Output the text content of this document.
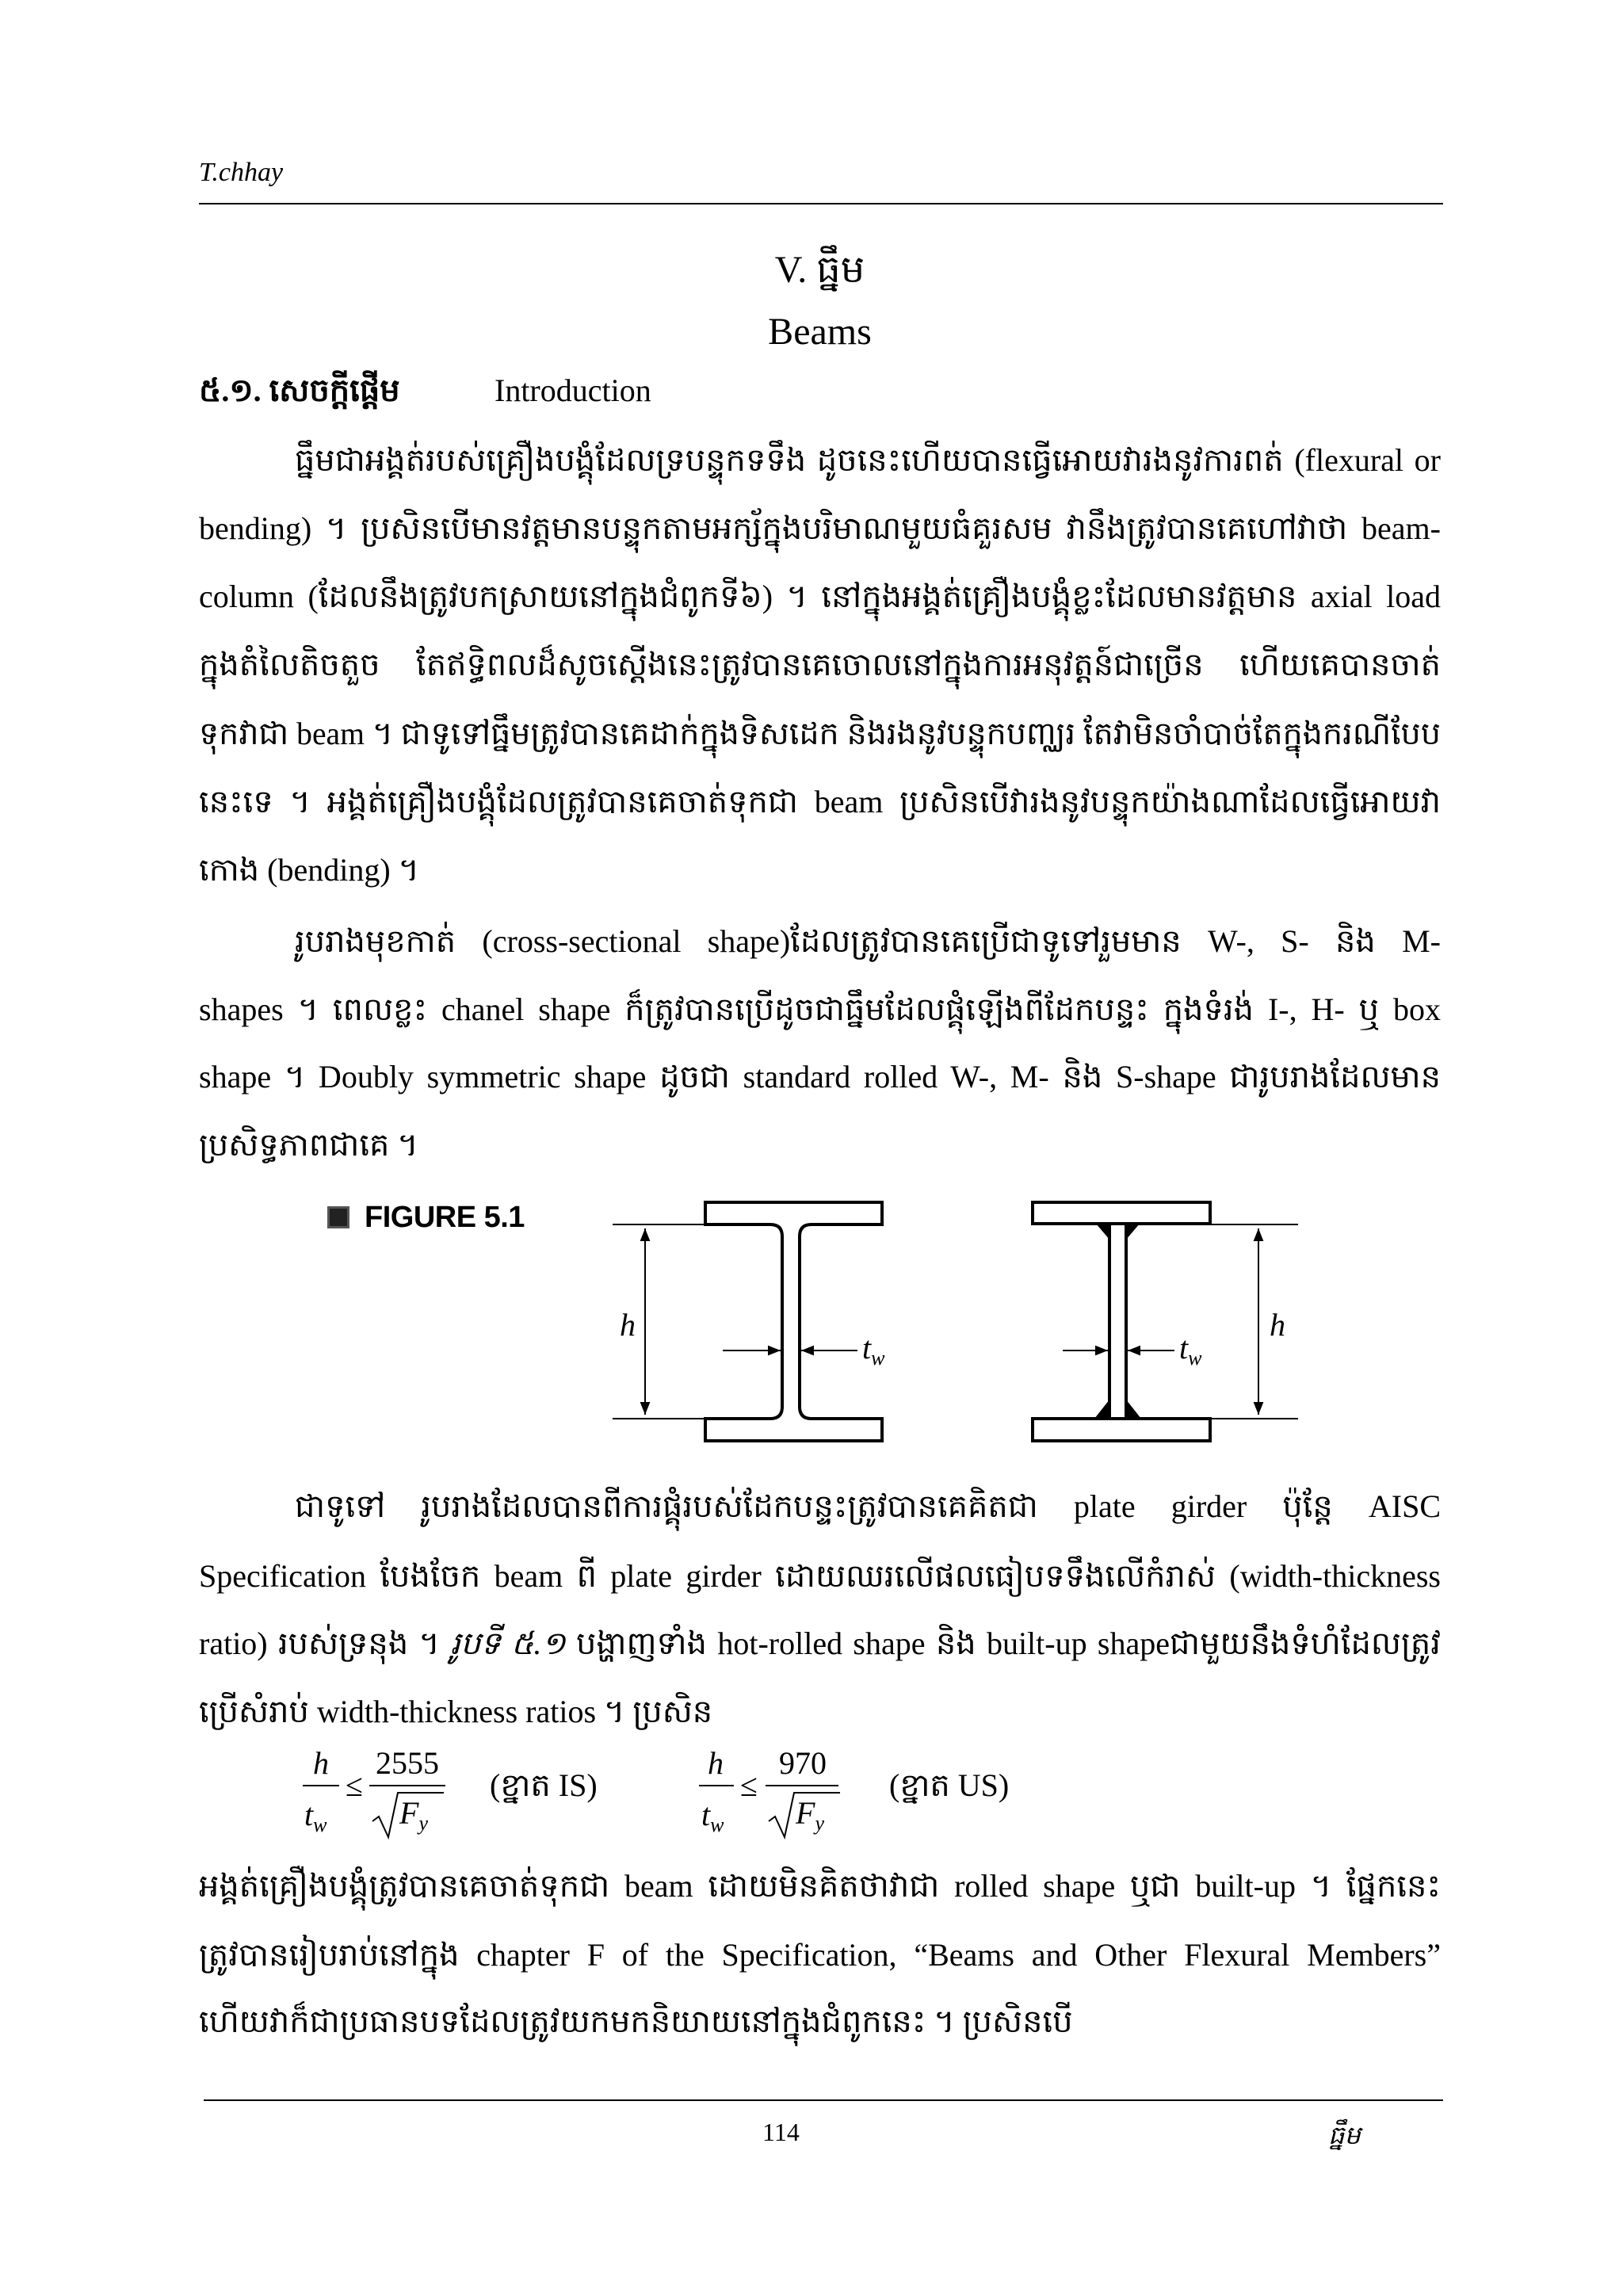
T.chhay
V. ធ្នឹម
Beams
៥.១. សេចក្តីផ្តើម	Introduction
ធ្នឹមជាអង្គត់របស់គ្រឿងបង្គុំដែលទ្របន្ទុកទទឹង ដូចនេះហើយបានធ្វើអោយវារងនូវការពត់ (flexural or
bending) ។ ប្រសិនបើមានវត្តមានបន្ទុកតាមអក្ស័ក្នុងបរិមាណមួយធំគួរសម វានឹងត្រូវបានគេហៅវាថា beam-
column (ដែលនឹងត្រូវបកស្រាយនៅក្នុងជំពូកទី៦) ។ នៅក្នុងអង្គត់គ្រឿងបង្គុំខ្លះដែលមានវត្តមាន axial load
ក្នុងតំលៃតិចតួច តែឥទ្ធិពលដ៏សូចស្តើងនេះត្រូវបានគេចោលនៅក្នុងការអនុវត្តន៍ជាច្រើន ហើយគេបានចាត់
ទុកវាជា beam ។ ជាទូទៅធ្នឹមត្រូវបានគេដាក់ក្នុងទិសដេក និងរងនូវបន្ទុកបញ្ឈរ តែវាមិនចាំបាច់តែក្នុងករណីបែប
នេះទេ ។ អង្គត់គ្រឿងបង្គុំដែលត្រូវបានគេចាត់ទុកជា beam ប្រសិនបើវារងនូវបន្ទុកយ៉ាងណាដែលធ្វើអោយវា
កោង (bending) ។
រូបរាងមុខកាត់ (cross-sectional shape)ដែលត្រូវបានគេប្រើជាទូទៅរួមមាន W-, S- និង M-
shapes ។ ពេលខ្លះ chanel shape ក៏ត្រូវបានប្រើដូចជាធ្នឹមដែលផ្គុំឡើងពីដែកបន្ទះ ក្នុងទំរង់ I-, H- ឬ box
shape ។ Doubly symmetric shape ដូចជា standard rolled W-, M- និង S-shape ជារូបរាងដែលមាន
ប្រសិទ្ធភាពជាគេ ។
FIGURE 5.1
h
$t_w$
h
$t_w$
ជាទូទៅ រូបរាងដែលបានពីការផ្គុំរបស់ដែកបន្ទះត្រូវបានគេគិតជា plate girder ប៉ុន្តែ AISC
Specification បែងចែក beam ពី plate girder ដោយឈរលើផលធៀបទទឹងលើកំរាស់ (width-thickness
ratio) របស់ទ្រនុង ។ រូបទី ៥.១ បង្ហាញទាំង hot-rolled shape និង built-up shapeជាមួយនឹងទំហំដែលត្រូវ
ប្រើសំរាប់ width-thickness ratios ។ ប្រសិន
h
$t_w$
≤
2555
$F_y$
(ខ្នាត IS)
h
$t_w$
≤
970
$F_y$
(ខ្នាត US)
អង្គត់គ្រឿងបង្គុំត្រូវបានគេចាត់ទុកជា beam ដោយមិនគិតថាវាជា rolled shape ឬជា built-up ។ ផ្នែកនេះ
ត្រូវបានរៀបរាប់នៅក្នុង chapter F of the Specification, “Beams and Other Flexural Members”
ហើយវាក៏ជាប្រធានបទដែលត្រូវយកមកនិយាយនៅក្នុងជំពូកនេះ ។ ប្រសិនបើ
114	ធ្នឹម
